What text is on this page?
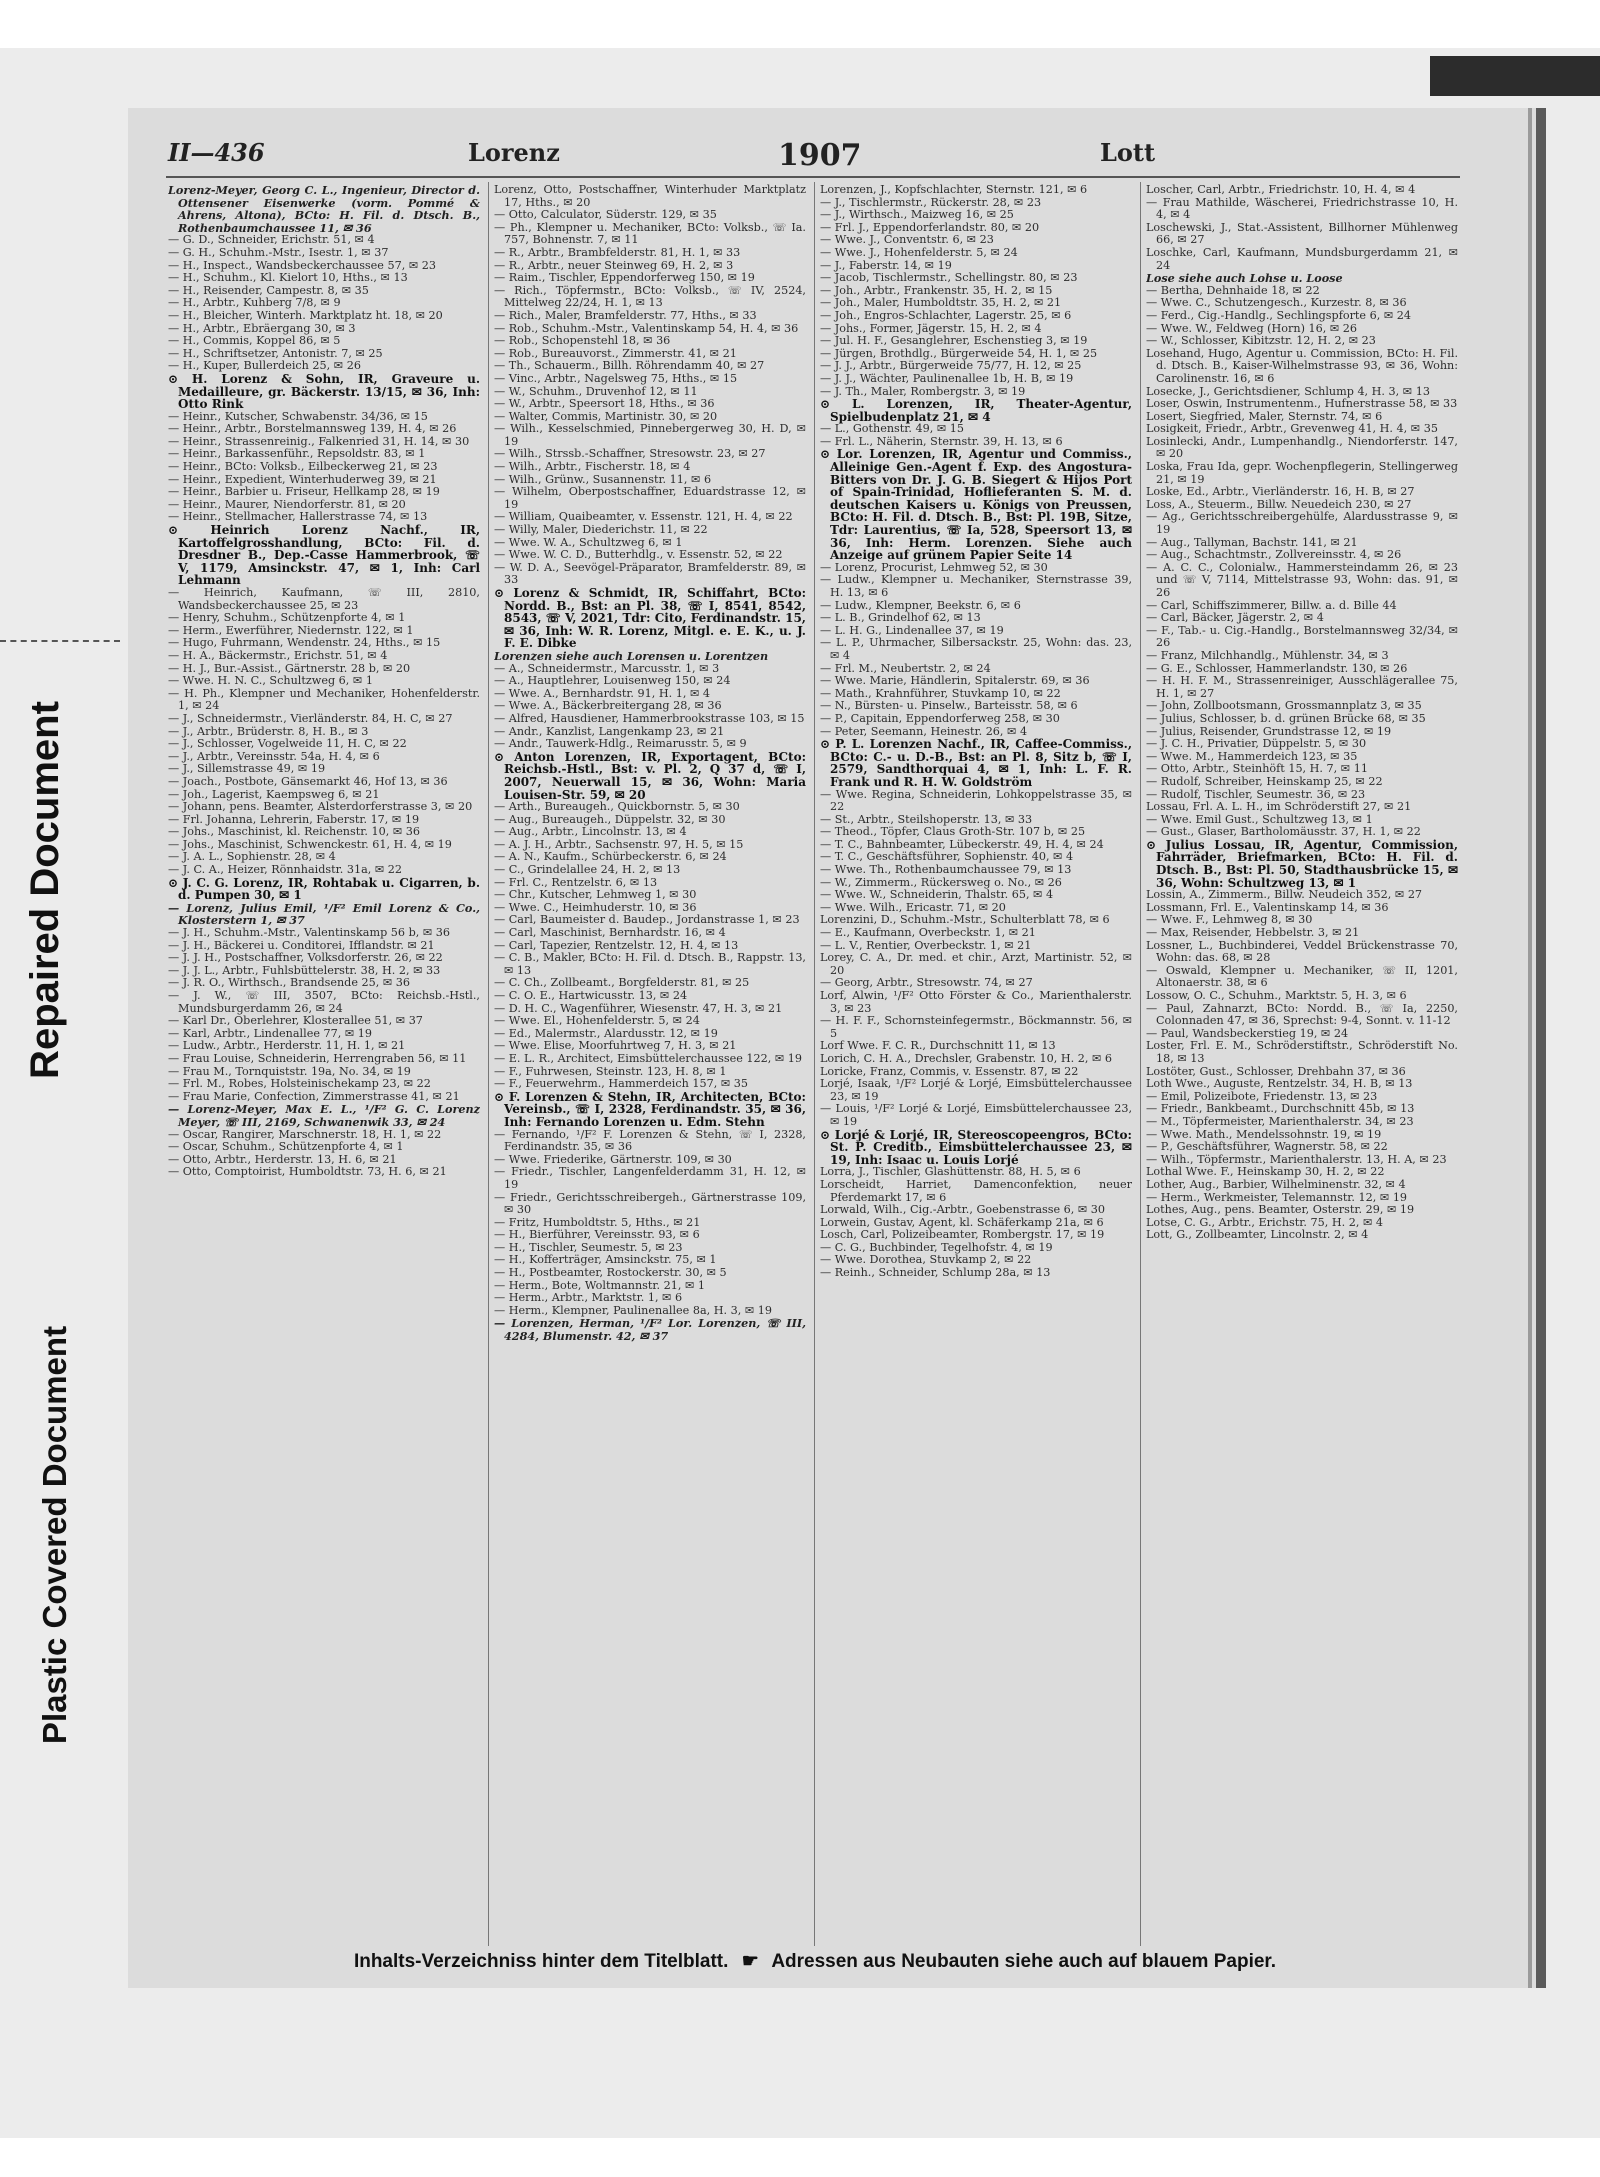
Repaired Document
Plastic Covered Document
II—436	Lorenz	1907	Lott

Lorenz-Meyer, Georg C. L., Ingenieur, Director d. Ottensener Eisenwerke (vorm. Pommé & Ahrens, Altona), BCto: H. Fil. d. Dtsch. B., Rothenbaumchaussee 11, ✉ 36

— G. D., Schneider, Erichstr. 51, ✉ 4

— G. H., Schuhm.-Mstr., Isestr. 1, ✉ 37

— H., Inspect., Wandsbeckerchaussee 57, ✉ 23

— H., Schuhm., Kl. Kielort 10, Hths., ✉ 13

— H., Reisender, Campestr. 8, ✉ 35

— H., Arbtr., Kuhberg 7/8, ✉ 9

— H., Bleicher, Winterh. Marktplatz ht. 18, ✉ 20

— H., Arbtr., Ebräergang 30, ✉ 3

— H., Commis, Koppel 86, ✉ 5

— H., Schriftsetzer, Antonistr. 7, ✉ 25

— H., Kuper, Bullerdeich 25, ✉ 26

⊙ H. Lorenz & Sohn, IR, Graveure u. Medailleure, gr. Bäckerstr. 13/15, ✉ 36, Inh: Otto Rink

— Heinr., Kutscher, Schwabenstr. 34/36, ✉ 15

— Heinr., Arbtr., Borstelmannsweg 139, H. 4, ✉ 26

— Heinr., Strassenreinig., Falkenried 31, H. 14, ✉ 30

— Heinr., Barkassenführ., Repsoldstr. 83, ✉ 1

— Heinr., BCto: Volksb., Eilbeckerweg 21, ✉ 23

— Heinr., Expedient, Winterhuderweg 39, ✉ 21

— Heinr., Barbier u. Friseur, Hellkamp 28, ✉ 19

— Heinr., Maurer, Niendorferstr. 81, ✉ 20

— Heinr., Stellmacher, Hallerstrasse 74, ✉ 13

⊙ Heinrich Lorenz Nachf., IR, Kartoffelgrosshandlung, BCto: Fil. d. Dresdner B., Dep.-Casse Hammerbrook, ☏ V, 1179, Amsinckstr. 47, ✉ 1, Inh: Carl Lehmann

— Heinrich, Kaufmann, ☏ III, 2810, Wandsbeckerchaussee 25, ✉ 23

— Henry, Schuhm., Schützenpforte 4, ✉ 1

— Herm., Ewerführer, Niedernstr. 122, ✉ 1

— Hugo, Fuhrmann, Wendenstr. 24, Hths., ✉ 15

— H. A., Bäckermstr., Erichstr. 51, ✉ 4

— H. J., Bur.-Assist., Gärtnerstr. 28 b, ✉ 20

— Wwe. H. N. C., Schultzweg 6, ✉ 1

— H. Ph., Klempner und Mechaniker, Hohenfelderstr. 1, ✉ 24

— J., Schneidermstr., Vierländerstr. 84, H. C, ✉ 27

— J., Arbtr., Brüderstr. 8, H. B., ✉ 3

— J., Schlosser, Vogelweide 11, H. C, ✉ 22

— J., Arbtr., Vereinsstr. 54a, H. 4, ✉ 6

— J., Sillemstrasse 49, ✉ 19

— Joach., Postbote, Gänsemarkt 46, Hof 13, ✉ 36

— Joh., Lagerist, Kaempsweg 6, ✉ 21

— Johann, pens. Beamter, Alsterdorferstrasse 3, ✉ 20

— Frl. Johanna, Lehrerin, Faberstr. 17, ✉ 19

— Johs., Maschinist, kl. Reichenstr. 10, ✉ 36

— Johs., Maschinist, Schwenckestr. 61, H. 4, ✉ 19

— J. A. L., Sophienstr. 28, ✉ 4

— J. C. A., Heizer, Rönnhaidstr. 31a, ✉ 22

⊙ J. C. G. Lorenz, IR, Rohtabak u. Cigarren, b. d. Pumpen 30, ✉ 1

— Lorenz, Julius Emil, ¹/F² Emil Lorenz & Co., Klosterstern 1, ✉ 37

— J. H., Schuhm.-Mstr., Valentinskamp 56 b, ✉ 36

— J. H., Bäckerei u. Conditorei, Ifflandstr. ✉ 21

— J. J. H., Postschaffner, Volksdorferstr. 26, ✉ 22

— J. J. L., Arbtr., Fuhlsbüttelerstr. 38, H. 2, ✉ 33

— J. R. O., Wirthsch., Brandsende 25, ✉ 36

— J. W., ☏ III, 3507, BCto: Reichsb.-Hstl., Mundsburgerdamm 26, ✉ 24

— Karl Dr., Oberlehrer, Klosterallee 51, ✉ 37

— Karl, Arbtr., Lindenallee 77, ✉ 19

— Ludw., Arbtr., Herderstr. 11, H. 1, ✉ 21

— Frau Louise, Schneiderin, Herrengraben 56, ✉ 11

— Frau M., Tornquiststr. 19a, No. 34, ✉ 19

— Frl. M., Robes, Holsteinischekamp 23, ✉ 22

— Frau Marie, Confection, Zimmerstrasse 41, ✉ 21

— Lorenz-Meyer, Max E. L., ¹/F² G. C. Lorenz Meyer, ☏ III, 2169, Schwanenwik 33, ✉ 24

— Oscar, Rangirer, Marschnerstr. 18, H. 1, ✉ 22

— Oscar, Schuhm., Schützenpforte 4, ✉ 1

— Otto, Arbtr., Herderstr. 13, H. 6, ✉ 21

— Otto, Comptoirist, Humboldtstr. 73, H. 6, ✉ 21

Lorenz, Otto, Postschaffner, Winterhuder Marktplatz 17, Hths., ✉ 20

— Otto, Calculator, Süderstr. 129, ✉ 35

— Ph., Klempner u. Mechaniker, BCto: Volksb., ☏ Ia. 757, Bohnenstr. 7, ✉ 11

— R., Arbtr., Brambfelderstr. 81, H. 1, ✉ 33

— R., Arbtr., neuer Steinweg 69, H. 2, ✉ 3

— Raim., Tischler, Eppendorferweg 150, ✉ 19

— Rich., Töpfermstr., BCto: Volksb., ☏ IV, 2524, Mittelweg 22/24, H. 1, ✉ 13

— Rich., Maler, Bramfelderstr. 77, Hths., ✉ 33

— Rob., Schuhm.-Mstr., Valentinskamp 54, H. 4, ✉ 36

— Rob., Schopenstehl 18, ✉ 36

— Rob., Bureauvorst., Zimmerstr. 41, ✉ 21

— Th., Schauerm., Billh. Röhrendamm 40, ✉ 27

— Vinc., Arbtr., Nagelsweg 75, Hths., ✉ 15

— W., Schuhm., Druvenhof 12, ✉ 11

— W., Arbtr., Speersort 18, Hths., ✉ 36

— Walter, Commis, Martinistr. 30, ✉ 20

— Wilh., Kesselschmied, Pinnebergerweg 30, H. D, ✉ 19

— Wilh., Strssb.-Schaffner, Stresowstr. 23, ✉ 27

— Wilh., Arbtr., Fischerstr. 18, ✉ 4

— Wilh., Grünw., Susannenstr. 11, ✉ 6

— Wilhelm, Oberpostschaffner, Eduardstrasse 12, ✉ 19

— William, Quaibeamter, v. Essenstr. 121, H. 4, ✉ 22

— Willy, Maler, Diederichstr. 11, ✉ 22

— Wwe. W. A., Schultzweg 6, ✉ 1

— Wwe. W. C. D., Butterhdlg., v. Essenstr. 52, ✉ 22

— W. D. A., Seevögel-Präparator, Bramfelderstr. 89, ✉ 33

⊙ Lorenz & Schmidt, IR, Schiffahrt, BCto: Nordd. B., Bst: an Pl. 38, ☏ I, 8541, 8542, 8543, ☏ V, 2021, Tdr: Cito, Ferdinandstr. 15, ✉ 36, Inh: W. R. Lorenz, Mitgl. e. E. K., u. J. F. E. Dibke

Lorenzen siehe auch Lorensen u. Lorentzen

— A., Schneidermstr., Marcusstr. 1, ✉ 3

— A., Hauptlehrer, Louisenweg 150, ✉ 24

— Wwe. A., Bernhardstr. 91, H. 1, ✉ 4

— Wwe. A., Bäckerbreitergang 28, ✉ 36

— Alfred, Hausdiener, Hammerbrookstrasse 103, ✉ 15

— Andr., Kanzlist, Langenkamp 23, ✉ 21

— Andr., Tauwerk-Hdlg., Reimarusstr. 5, ✉ 9

⊙ Anton Lorenzen, IR, Exportagent, BCto: Reichsb.-Hstl., Bst: v. Pl. 2, Q 37 d, ☏ I, 2007, Neuerwall 15, ✉ 36, Wohn: Maria Louisen-Str. 59, ✉ 20

— Arth., Bureaugeh., Quickbornstr. 5, ✉ 30

— Aug., Bureaugeh., Düppelstr. 32, ✉ 30

— Aug., Arbtr., Lincolnstr. 13, ✉ 4

— A. J. H., Arbtr., Sachsenstr. 97, H. 5, ✉ 15

— A. N., Kaufm., Schürbeckerstr. 6, ✉ 24

— C., Grindelallee 24, H. 2, ✉ 13

— Frl. C., Rentzelstr. 6, ✉ 13

— Chr., Kutscher, Lehmweg 1, ✉ 30

— Wwe. C., Heimhuderstr. 10, ✉ 36

— Carl, Baumeister d. Baudep., Jordanstrasse 1, ✉ 23

— Carl, Maschinist, Bernhardstr. 16, ✉ 4

— Carl, Tapezier, Rentzelstr. 12, H. 4, ✉ 13

— C. B., Makler, BCto: H. Fil. d. Dtsch. B., Rappstr. 13, ✉ 13

— C. Ch., Zollbeamt., Borgfelderstr. 81, ✉ 25

— C. O. E., Hartwicusstr. 13, ✉ 24

— D. H. C., Wagenführer, Wiesenstr. 47, H. 3, ✉ 21

— Wwe. El., Hohenfelderstr. 5, ✉ 24

— Ed., Malermstr., Alardusstr. 12, ✉ 19

— Wwe. Elise, Moorfuhrtweg 7, H. 3, ✉ 21

— E. L. R., Architect, Eimsbüttelerchaussee 122, ✉ 19

— F., Fuhrwesen, Steinstr. 123, H. 8, ✉ 1

— F., Feuerwehrm., Hammerdeich 157, ✉ 35

⊙ F. Lorenzen & Stehn, IR, Architecten, BCto: Vereinsb., ☏ I, 2328, Ferdinandstr. 35, ✉ 36, Inh: Fernando Lorenzen u. Edm. Stehn

— Fernando, ¹/F² F. Lorenzen & Stehn, ☏ I, 2328, Ferdinandstr. 35, ✉ 36

— Wwe. Friederike, Gärtnerstr. 109, ✉ 30

— Friedr., Tischler, Langenfelderdamm 31, H. 12, ✉ 19

— Friedr., Gerichtsschreibergeh., Gärtnerstrasse 109, ✉ 30

— Fritz, Humboldtstr. 5, Hths., ✉ 21

— H., Bierführer, Vereinsstr. 93, ✉ 6

— H., Tischler, Seumestr. 5, ✉ 23

— H., Kofferträger, Amsinckstr. 75, ✉ 1

— H., Postbeamter, Rostockerstr. 30, ✉ 5

— Herm., Bote, Woltmannstr. 21, ✉ 1

— Herm., Arbtr., Marktstr. 1, ✉ 6

— Herm., Klempner, Paulinenallee 8a, H. 3, ✉ 19

— Lorenzen, Herman, ¹/F² Lor. Lorenzen, ☏ III, 4284, Blumenstr. 42, ✉ 37

Lorenzen, J., Kopfschlachter, Sternstr. 121, ✉ 6

— J., Tischlermstr., Rückerstr. 28, ✉ 23

— J., Wirthsch., Maizweg 16, ✉ 25

— Frl. J., Eppendorferlandstr. 80, ✉ 20

— Wwe. J., Conventstr. 6, ✉ 23

— Wwe. J., Hohenfelderstr. 5, ✉ 24

— J., Faberstr. 14, ✉ 19

— Jacob, Tischlermstr., Schellingstr. 80, ✉ 23

— Joh., Arbtr., Frankenstr. 35, H. 2, ✉ 15

— Joh., Maler, Humboldtstr. 35, H. 2, ✉ 21

— Joh., Engros-Schlachter, Lagerstr. 25, ✉ 6

— Johs., Former, Jägerstr. 15, H. 2, ✉ 4

— Jul. H. F., Gesanglehrer, Eschenstieg 3, ✉ 19

— Jürgen, Brothdlg., Bürgerweide 54, H. 1, ✉ 25

— J. J., Arbtr., Bürgerweide 75/77, H. 12, ✉ 25

— J. J., Wächter, Paulinenallee 1b, H. B, ✉ 19

— J. Th., Maler, Rombergstr. 3, ✉ 19

⊙ L. Lorenzen, IR, Theater-Agentur, Spielbudenplatz 21, ✉ 4

— L., Gothenstr. 49, ✉ 15

— Frl. L., Näherin, Sternstr. 39, H. 13, ✉ 6

⊙ Lor. Lorenzen, IR, Agentur und Commiss., Alleinige Gen.-Agent f. Exp. des Angostura-Bitters von Dr. J. G. B. Siegert & Hijos Port of Spain-Trinidad, Hoflieferanten S. M. d. deutschen Kaisers u. Königs von Preussen, BCto: H. Fil. d. Dtsch. B., Bst: Pl. 19B, Sitze, Tdr: Laurentius, ☏ Ia, 528, Speersort 13, ✉ 36, Inh: Herm. Lorenzen. Siehe auch Anzeige auf grünem Papier Seite 14

— Lorenz, Procurist, Lehmweg 52, ✉ 30

— Ludw., Klempner u. Mechaniker, Sternstrasse 39, H. 13, ✉ 6

— Ludw., Klempner, Beekstr. 6, ✉ 6

— L. B., Grindelhof 62, ✉ 13

— L. H. G., Lindenallee 37, ✉ 19

— L. P., Uhrmacher, Silbersackstr. 25, Wohn: das. 23, ✉ 4

— Frl. M., Neubertstr. 2, ✉ 24

— Wwe. Marie, Händlerin, Spitalerstr. 69, ✉ 36

— Math., Krahnführer, Stuvkamp 10, ✉ 22

— N., Bürsten- u. Pinselw., Barteisstr. 58, ✉ 6

— P., Capitain, Eppendorferweg 258, ✉ 30

— Peter, Seemann, Heinestr. 26, ✉ 4

⊙ P. L. Lorenzen Nachf., IR, Caffee-Commiss., BCto: C.- u. D.-B., Bst: an Pl. 8, Sitz b, ☏ I, 2579, Sandthorquai 4, ✉ 1, Inh: L. F. R. Frank und R. H. W. Goldström

— Wwe. Regina, Schneiderin, Lohkoppelstrasse 35, ✉ 22

— St., Arbtr., Steilshoperstr. 13, ✉ 33

— Theod., Töpfer, Claus Groth-Str. 107 b, ✉ 25

— T. C., Bahnbeamter, Lübeckerstr. 49, H. 4, ✉ 24

— T. C., Geschäftsführer, Sophienstr. 40, ✉ 4

— Wwe. Th., Rothenbaumchaussee 79, ✉ 13

— W., Zimmerm., Rückersweg o. No., ✉ 26

— Wwe. W., Schneiderin, Thalstr. 65, ✉ 4

— Wwe. Wilh., Ericastr. 71, ✉ 20

Lorenzini, D., Schuhm.-Mstr., Schulterblatt 78, ✉ 6

— E., Kaufmann, Overbeckstr. 1, ✉ 21

— L. V., Rentier, Overbeckstr. 1, ✉ 21

Lorey, C. A., Dr. med. et chir., Arzt, Martinistr. 52, ✉ 20

— Georg, Arbtr., Stresowstr. 74, ✉ 27

Lorf, Alwin, ¹/F² Otto Förster & Co., Marienthalerstr. 3, ✉ 23

— H. F. F., Schornsteinfegermstr., Böckmannstr. 56, ✉ 5

Lorf Wwe. F. C. R., Durchschnitt 11, ✉ 13

Lorich, C. H. A., Drechsler, Grabenstr. 10, H. 2, ✉ 6

Loricke, Franz, Commis, v. Essenstr. 87, ✉ 22

Lorjé, Isaak, ¹/F² Lorjé & Lorjé, Eimsbüttelerchaussee 23, ✉ 19

— Louis, ¹/F² Lorjé & Lorjé, Eimsbüttelerchaussee 23, ✉ 19

⊙ Lorjé & Lorjé, IR, Stereoscopeengros, BCto: St. P. Creditb., Eimsbüttelerchaussee 23, ✉ 19, Inh: Isaac u. Louis Lorjé

Lorra, J., Tischler, Glashüttenstr. 88, H. 5, ✉ 6

Lorscheidt, Harriet, Damenconfektion, neuer Pferdemarkt 17, ✉ 6

Lorwald, Wilh., Cig.-Arbtr., Goebenstrasse 6, ✉ 30

Lorwein, Gustav, Agent, kl. Schäferkamp 21a, ✉ 6

Losch, Carl, Polizeibeamter, Rombergstr. 17, ✉ 19

— C. G., Buchbinder, Tegelhofstr. 4, ✉ 19

— Wwe. Dorothea, Stuvkamp 2, ✉ 22

— Reinh., Schneider, Schlump 28a, ✉ 13

Loscher, Carl, Arbtr., Friedrichstr. 10, H. 4, ✉ 4

— Frau Mathilde, Wäscherei, Friedrichstrasse 10, H. 4, ✉ 4

Loschewski, J., Stat.-Assistent, Billhorner Mühlenweg 66, ✉ 27

Loschke, Carl, Kaufmann, Mundsburgerdamm 21, ✉ 24

Lose siehe auch Lohse u. Loose

— Bertha, Dehnhaide 18, ✉ 22

— Wwe. C., Schutzengesch., Kurzestr. 8, ✉ 36

— Ferd., Cig.-Handlg., Sechlingspforte 6, ✉ 24

— Wwe. W., Feldweg (Horn) 16, ✉ 26

— W., Schlosser, Kibitzstr. 12, H. 2, ✉ 23

Losehand, Hugo, Agentur u. Commission, BCto: H. Fil. d. Dtsch. B., Kaiser-Wilhelmstrasse 93, ✉ 36, Wohn: Carolinenstr. 16, ✉ 6

Losecke, J., Gerichtsdiener, Schlump 4, H. 3, ✉ 13

Loser, Oswin, Instrumentenm., Hufnerstrasse 58, ✉ 33

Losert, Siegfried, Maler, Sternstr. 74, ✉ 6

Losigkeit, Friedr., Arbtr., Grevenweg 41, H. 4, ✉ 35

Losinlecki, Andr., Lumpenhandlg., Niendorferstr. 147, ✉ 20

Loska, Frau Ida, gepr. Wochenpflegerin, Stellingerweg 21, ✉ 19

Loske, Ed., Arbtr., Vierländerstr. 16, H. B, ✉ 27

Loss, A., Steuerm., Billw. Neuedeich 230, ✉ 27

— Ag., Gerichtsschreibergehülfe, Alardusstrasse 9, ✉ 19

— Aug., Tallyman, Bachstr. 141, ✉ 21

— Aug., Schachtmstr., Zollvereinsstr. 4, ✉ 26

— A. C. C., Colonialw., Hammersteindamm 26, ✉ 23 und ☏ V, 7114, Mittelstrasse 93, Wohn: das. 91, ✉ 26

— Carl, Schiffszimmerer, Billw. a. d. Bille 44

— Carl, Bäcker, Jägerstr. 2, ✉ 4

— F., Tab.- u. Cig.-Handlg., Borstelmannsweg 32/34, ✉ 26

— Franz, Milchhandlg., Mühlenstr. 34, ✉ 3

— G. E., Schlosser, Hammerlandstr. 130, ✉ 26

— H. H. F. M., Strassenreiniger, Ausschlägerallee 75, H. 1, ✉ 27

— John, Zollbootsmann, Grossmannplatz 3, ✉ 35

— Julius, Schlosser, b. d. grünen Brücke 68, ✉ 35

— Julius, Reisender, Grundstrasse 12, ✉ 19

— J. C. H., Privatier, Düppelstr. 5, ✉ 30

— Wwe. M., Hammerdeich 123, ✉ 35

— Otto, Arbtr., Steinhöft 15, H. 7, ✉ 11

— Rudolf, Schreiber, Heinskamp 25, ✉ 22

— Rudolf, Tischler, Seumestr. 36, ✉ 23

Lossau, Frl. A. L. H., im Schröderstift 27, ✉ 21

— Wwe. Emil Gust., Schultzweg 13, ✉ 1

— Gust., Glaser, Bartholomäusstr. 37, H. 1, ✉ 22

⊙ Julius Lossau, IR, Agentur, Commission, Fahrräder, Briefmarken, BCto: H. Fil. d. Dtsch. B., Bst: Pl. 50, Stadthausbrücke 15, ✉ 36, Wohn: Schultzweg 13, ✉ 1

Lossin, A., Zimmerm., Billw. Neudeich 352, ✉ 27

Lossmann, Frl. E., Valentinskamp 14, ✉ 36

— Wwe. F., Lehmweg 8, ✉ 30

— Max, Reisender, Hebbelstr. 3, ✉ 21

Lossner, L., Buchbinderei, Veddel Brückenstrasse 70, Wohn: das. 68, ✉ 28

— Oswald, Klempner u. Mechaniker, ☏ II, 1201, Altonaerstr. 38, ✉ 6

Lossow, O. C., Schuhm., Marktstr. 5, H. 3, ✉ 6

— Paul, Zahnarzt, BCto: Nordd. B., ☏ Ia, 2250, Colonnaden 47, ✉ 36, Sprechst: 9-4, Sonnt. v. 11-12

— Paul, Wandsbeckerstieg 19, ✉ 24

Loster, Frl. E. M., Schröderstiftstr., Schröderstift No. 18, ✉ 13

Lostöter, Gust., Schlosser, Drehbahn 37, ✉ 36

Loth Wwe., Auguste, Rentzelstr. 34, H. B, ✉ 13

— Emil, Polizeibote, Friedenstr. 13, ✉ 23

— Friedr., Bankbeamt., Durchschnitt 45b, ✉ 13

— M., Töpfermeister, Marienthalerstr. 34, ✉ 23

— Wwe. Math., Mendelssohnstr. 19, ✉ 19

— P., Geschäftsführer, Wagnerstr. 58, ✉ 22

— Wilh., Töpfermstr., Marienthalerstr. 13, H. A, ✉ 23

Lothal Wwe. F., Heinskamp 30, H. 2, ✉ 22

Lother, Aug., Barbier, Wilhelminenstr. 32, ✉ 4

— Herm., Werkmeister, Telemannstr. 12, ✉ 19

Lothes, Aug., pens. Beamter, Osterstr. 29, ✉ 19

Lotse, C. G., Arbtr., Erichstr. 75, H. 2, ✉ 4

Lott, G., Zollbeamter, Lincolnstr. 2, ✉ 4

Inhalts-Verzeichniss hinter dem Titelblatt. ☛ Adressen aus Neubauten siehe auch auf blauem Papier.
